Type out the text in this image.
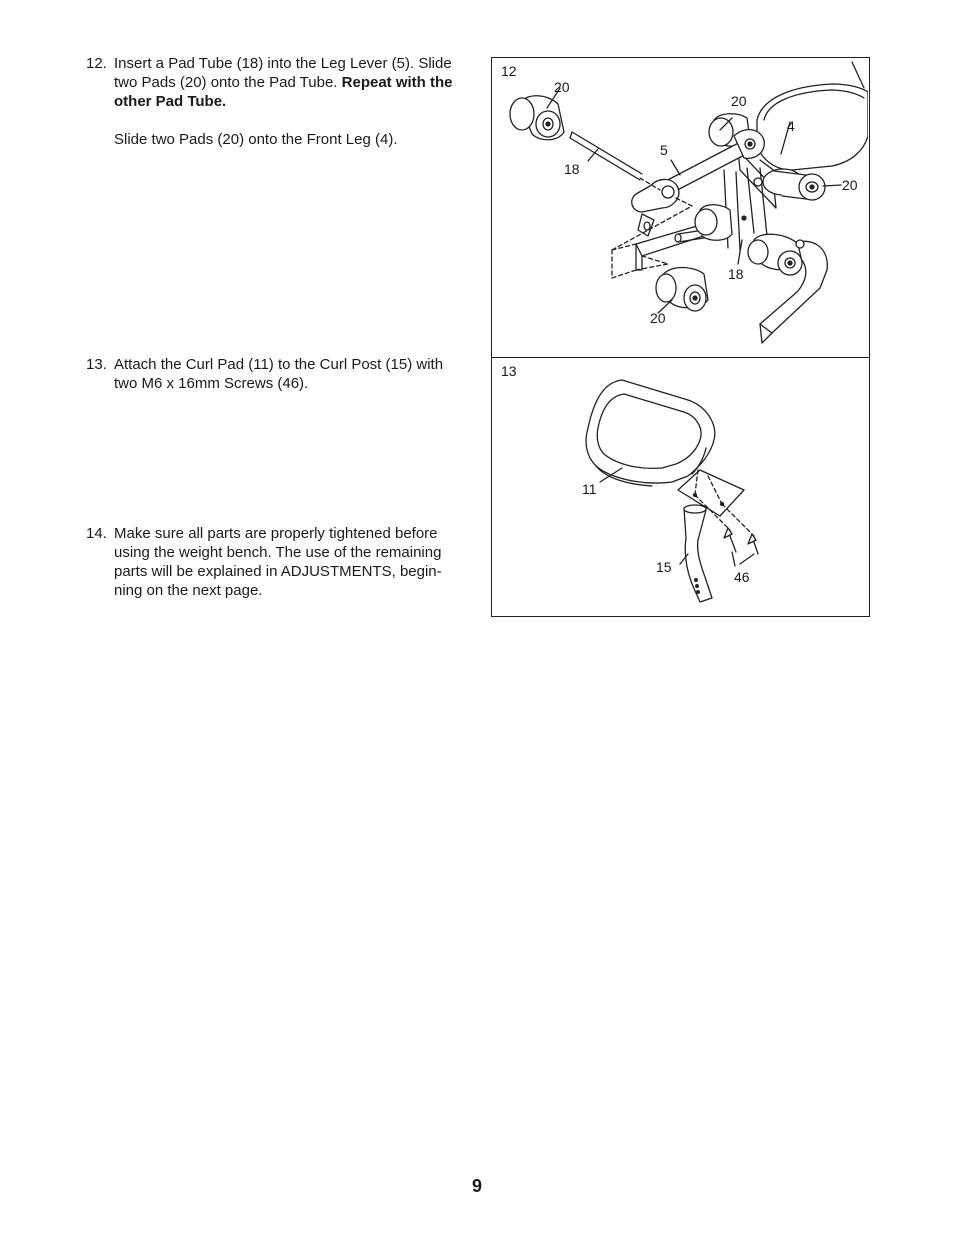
12. Insert a Pad Tube (18) into the Leg Lever (5). Slide two Pads (20) onto the Pad Tube. Repeat with the other Pad Tube.

Slide two Pads (20) onto the Front Leg (4).

13. Attach the Curl Pad (11) to the Curl Post (15) with two M6 x 16mm Screws (46).

14. Make sure all parts are properly tightened before using the weight bench. The use of the remaining parts will be explained in ADJUSTMENTS, begin-ning on the next page.

12
20
20
4
20
5
18
18
20
13
11
15
46
9
